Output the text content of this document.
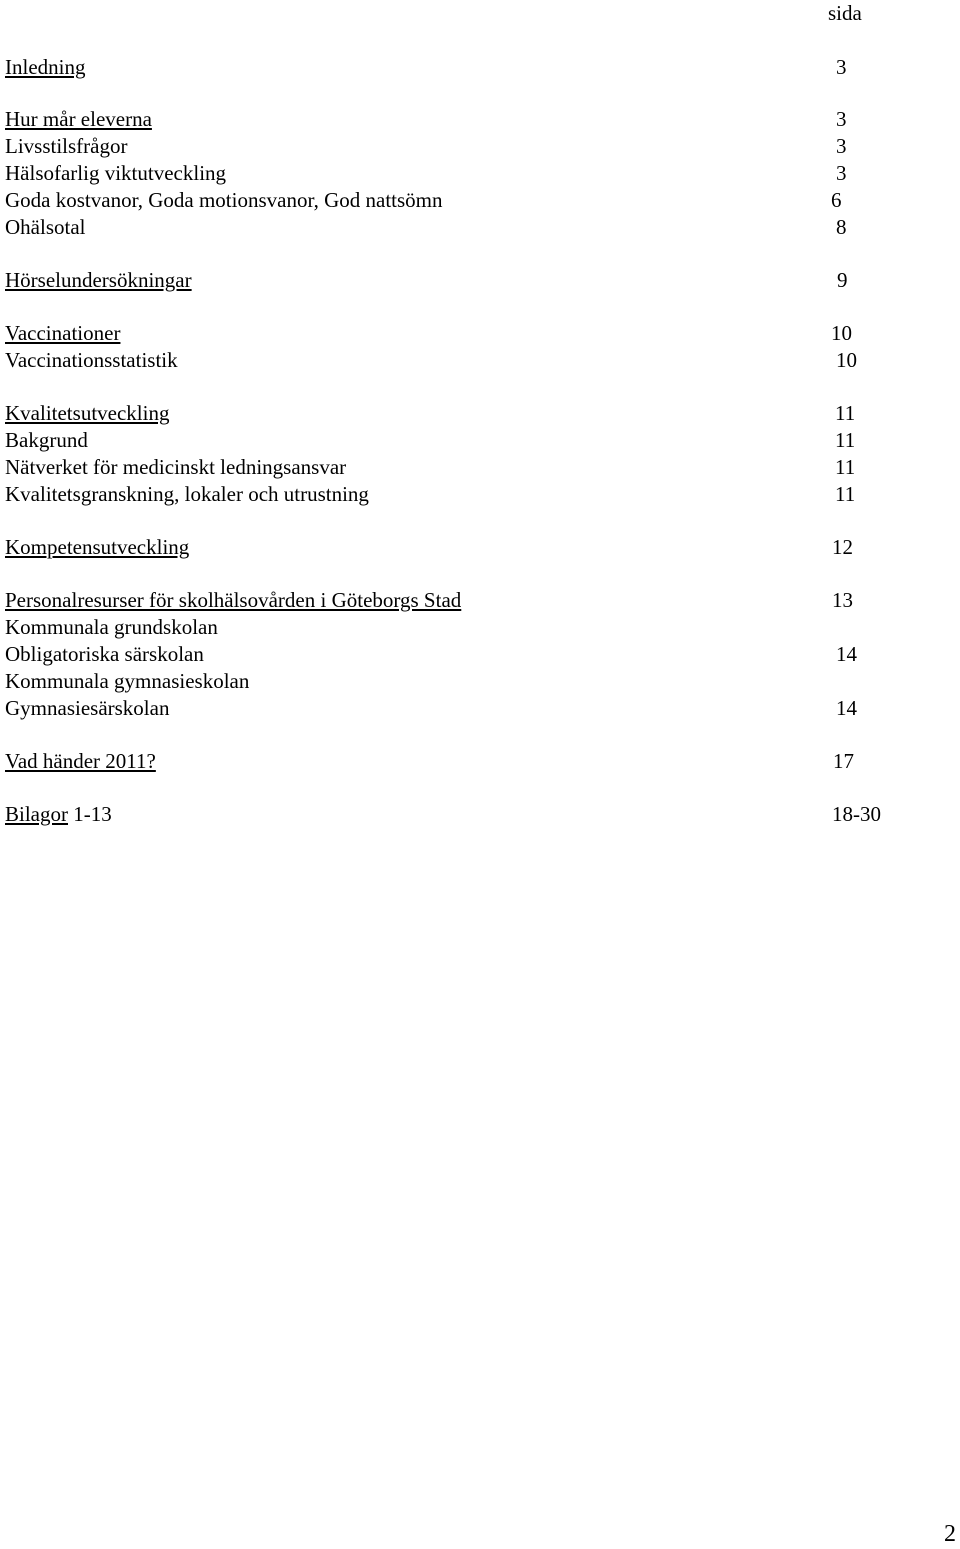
sida
Inledning	3
Hur mår eleverna	3
Livsstilsfrågor	3
Hälsofarlig viktutveckling	3
Goda kostvanor, Goda motionsvanor, God nattsömn	6
Ohälsotal	8
Hörselundersökningar	9
Vaccinationer	10
Vaccinationsstatistik	10
Kvalitetsutveckling	11
Bakgrund	11
Nätverket för medicinskt ledningsansvar	11
Kvalitetsgranskning, lokaler och utrustning	11
Kompetensutveckling	12
Personalresurser för skolhälsovården i Göteborgs Stad	13
Kommunala grundskolan
Obligatoriska särskolan	14
Kommunala gymnasieskolan
Gymnasiesärskolan	14
Vad händer 2011?	17
Bilagor 1-13	18-30
2
